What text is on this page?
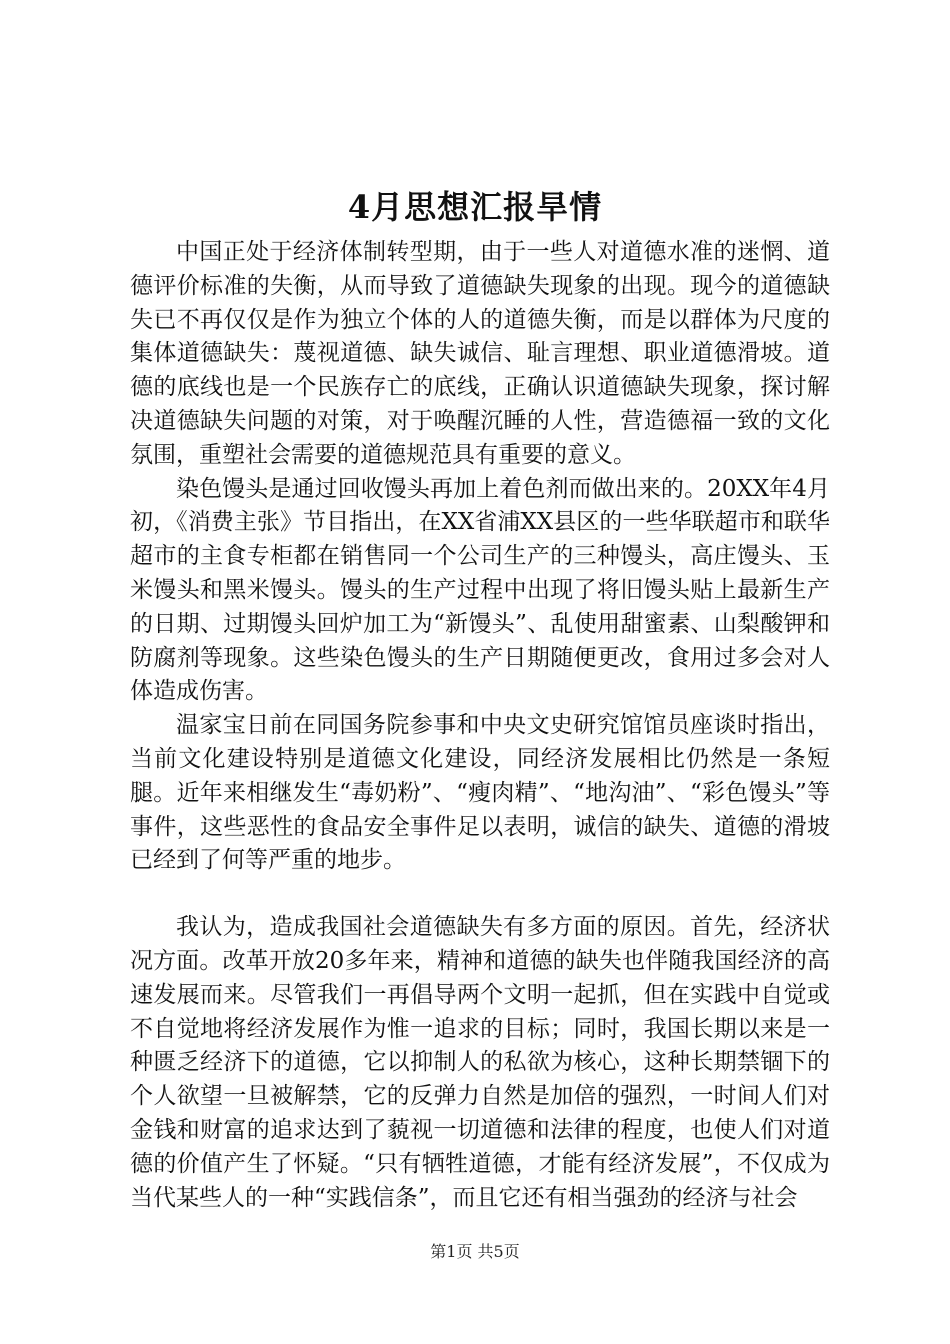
4月思想汇报旱情

中国正处于经济体制转型期，由于一些人对道德水准的迷惘、道德评价标准的失衡，从而导致了道德缺失现象的出现。现今的道德缺失已不再仅仅是作为独立个体的人的道德失衡，而是以群体为尺度的集体道德缺失：蔑视道德、缺失诚信、耻言理想、职业道德滑坡。道德的底线也是一个民族存亡的底线，正确认识道德缺失现象，探讨解决道德缺失问题的对策，对于唤醒沉睡的人性，营造德福一致的文化氛围，重塑社会需要的道德规范具有重要的意义。

染色馒头是通过回收馒头再加上着色剂而做出来的。20XX年4月初，《消费主张》节目指出，在XX省浦XX县区的一些华联超市和联华超市的主食专柜都在销售同一个公司生产的三种馒头，高庄馒头、玉米馒头和黑米馒头。馒头的生产过程中出现了将旧馒头贴上最新生产的日期、过期馒头回炉加工为“新馒头”、乱使用甜蜜素、山梨酸钾和防腐剂等现象。这些染色馒头的生产日期随便更改，食用过多会对人体造成伤害。

温家宝日前在同国务院参事和中央文史研究馆馆员座谈时指出，当前文化建设特别是道德文化建设，同经济发展相比仍然是一条短腿。近年来相继发生“毒奶粉”、“瘦肉精”、“地沟油”、“彩色馒头”等事件，这些恶性的食品安全事件足以表明，诚信的缺失、道德的滑坡已经到了何等严重的地步。

我认为，造成我国社会道德缺失有多方面的原因。首先，经济状况方面。改革开放20多年来，精神和道德的缺失也伴随我国经济的高速发展而来。尽管我们一再倡导两个文明一起抓，但在实践中自觉或不自觉地将经济发展作为惟一追求的目标；同时，我国长期以来是一种匮乏经济下的道德，它以抑制人的私欲为核心，这种长期禁锢下的个人欲望一旦被解禁，它的反弹力自然是加倍的强烈，一时间人们对金钱和财富的追求达到了藐视一切道德和法律的程度，也使人们对道德的价值产生了怀疑。“只有牺牲道德，才能有经济发展”，不仅成为当代某些人的一种“实践信条”，而且它还有相当强劲的经济与社会

第1页 共5页
